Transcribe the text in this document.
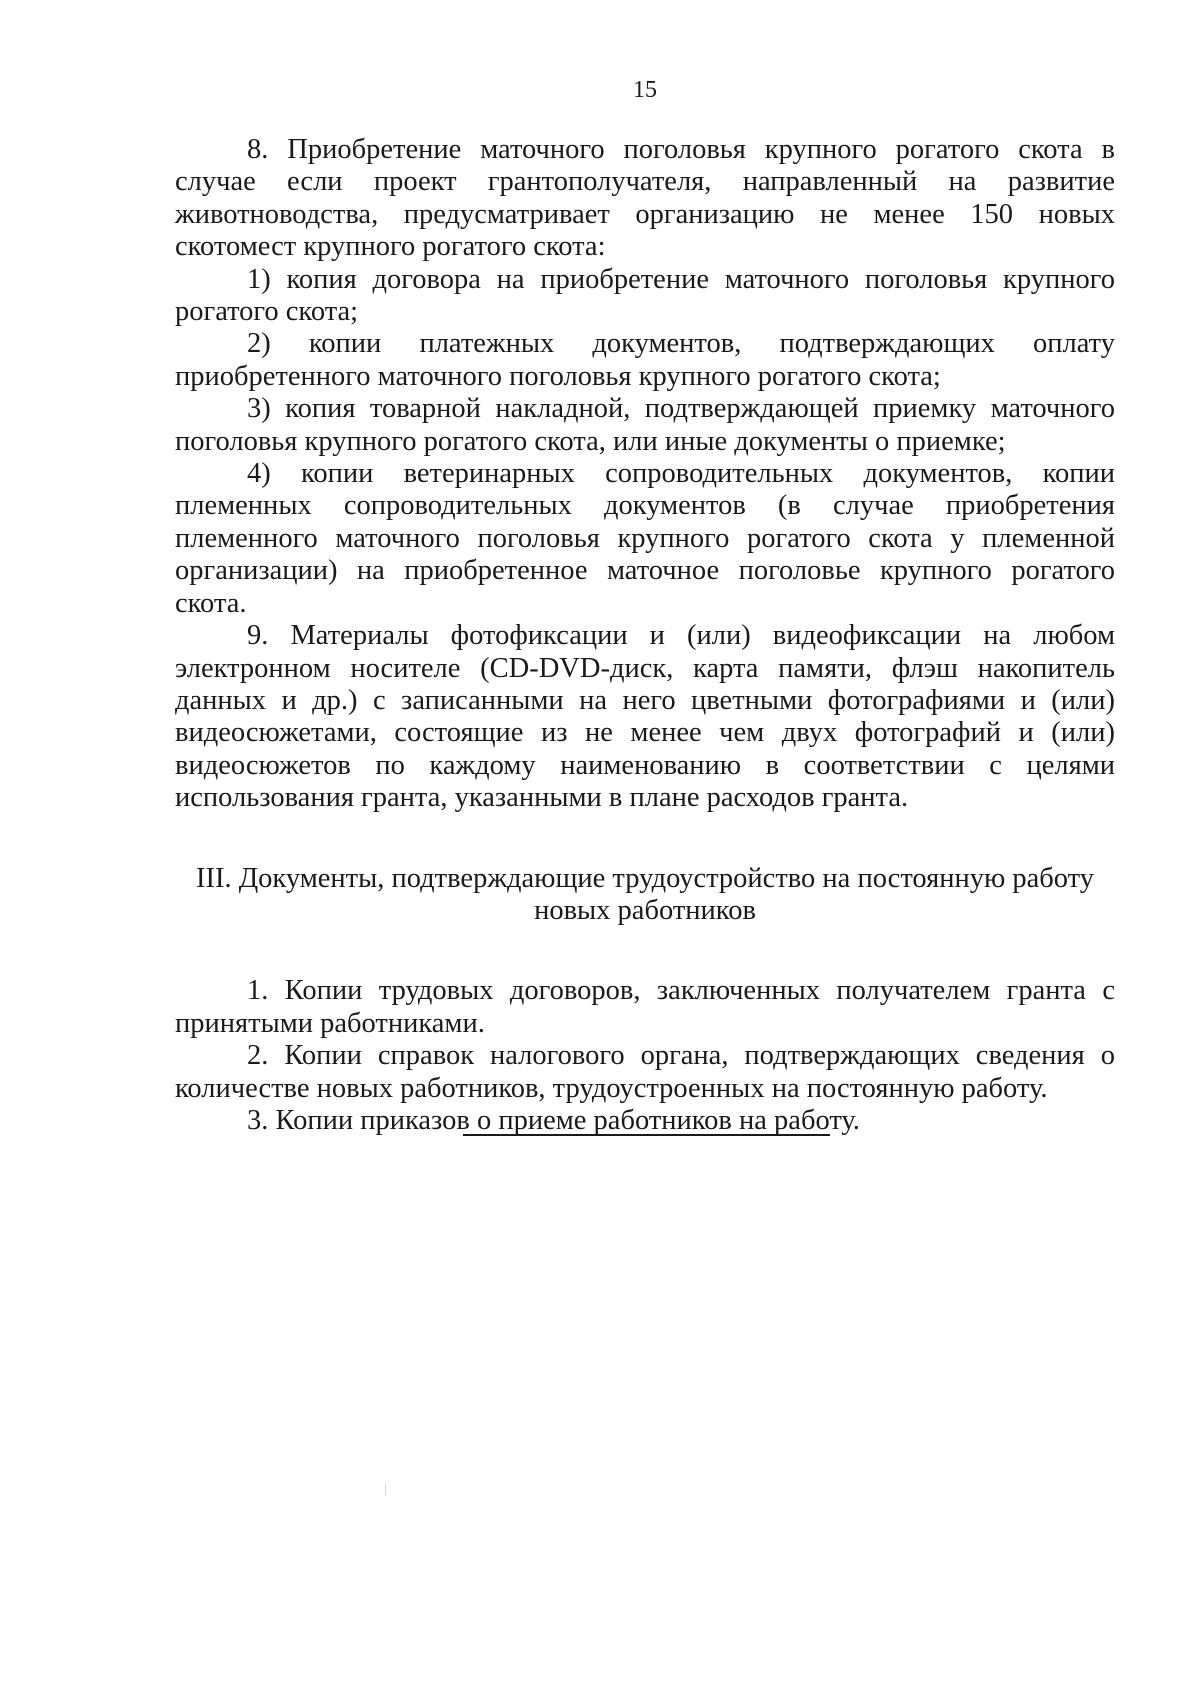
15

8. Приобретение маточного поголовья крупного рогатого скота в случае если проект грантополучателя, направленный на развитие животноводства, предусматривает организацию не менее 150 новых скотомест крупного рогатого скота:

1) копия договора на приобретение маточного поголовья крупного рогатого скота;

2) копии платежных документов, подтверждающих оплату приобретенного маточного поголовья крупного рогатого скота;

3) копия товарной накладной, подтверждающей приемку маточного поголовья крупного рогатого скота, или иные документы о приемке;

4) копии ветеринарных сопроводительных документов, копии племенных сопроводительных документов (в случае приобретения племенного маточного поголовья крупного рогатого скота у племенной организации) на приобретенное маточное поголовье крупного рогатого скота.

9. Материалы фотофиксации и (или) видеофиксации на любом электронном носителе (CD-DVD-диск, карта памяти, флэш накопитель данных и др.) с записанными на него цветными фотографиями и (или) видеосюжетами, состоящие из не менее чем двух фотографий и (или) видеосюжетов по каждому наименованию в соответствии с целями использования гранта, указанными в плане расходов гранта.

III. Документы, подтверждающие трудоустройство на постоянную работу
новых работников

1. Копии трудовых договоров, заключенных получателем гранта с принятыми работниками.

2. Копии справок налогового органа, подтверждающих сведения о количестве новых работников, трудоустроенных на постоянную работу.

3. Копии приказов о приеме работников на работу.
